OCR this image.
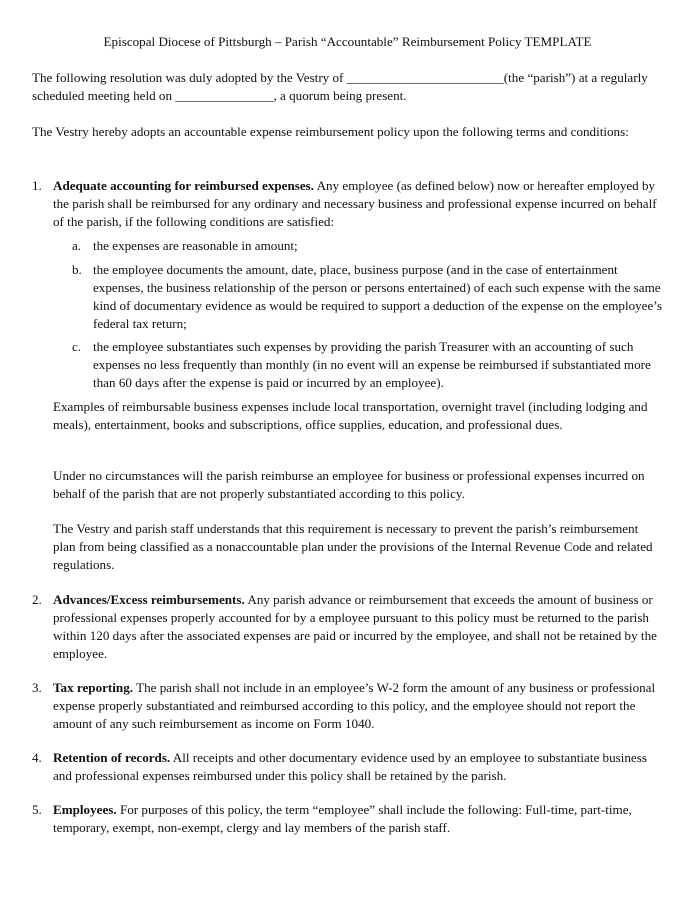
Episcopal Diocese of Pittsburgh – Parish “Accountable” Reimbursement Policy TEMPLATE
The following resolution was duly adopted by the Vestry of ________________________(the “parish”) at a regularly scheduled meeting held on _______________, a quorum being present.
The Vestry hereby adopts an accountable expense reimbursement policy upon the following terms and conditions:
1. Adequate accounting for reimbursed expenses. Any employee (as defined below) now or hereafter employed by the parish shall be reimbursed for any ordinary and necessary business and professional expense incurred on behalf of the parish, if the following conditions are satisfied:
a. the expenses are reasonable in amount;
b. the employee documents the amount, date, place, business purpose (and in the case of entertainment expenses, the business relationship of the person or persons entertained) of each such expense with the same kind of documentary evidence as would be required to support a deduction of the expense on the employee’s federal tax return;
c. the employee substantiates such expenses by providing the parish Treasurer with an accounting of such expenses no less frequently than monthly (in no event will an expense be reimbursed if substantiated more than 60 days after the expense is paid or incurred by an employee).
Examples of reimbursable business expenses include local transportation, overnight travel (including lodging and meals), entertainment, books and subscriptions, office supplies, education, and professional dues.
Under no circumstances will the parish reimburse an employee for business or professional expenses incurred on behalf of the parish that are not properly substantiated according to this policy.
The Vestry and parish staff understands that this requirement is necessary to prevent the parish’s reimbursement plan from being classified as a nonaccountable plan under the provisions of the Internal Revenue Code and related regulations.
2. Advances/Excess reimbursements. Any parish advance or reimbursement that exceeds the amount of business or professional expenses properly accounted for by a employee pursuant to this policy must be returned to the parish within 120 days after the associated expenses are paid or incurred by the employee, and shall not be retained by the employee.
3. Tax reporting. The parish shall not include in an employee’s W-2 form the amount of any business or professional expense properly substantiated and reimbursed according to this policy, and the employee should not report the amount of any such reimbursement as income on Form 1040.
4. Retention of records. All receipts and other documentary evidence used by an employee to substantiate business and professional expenses reimbursed under this policy shall be retained by the parish.
5. Employees. For purposes of this policy, the term “employee” shall include the following: Full-time, part-time, temporary, exempt, non-exempt, clergy and lay members of the parish staff.
